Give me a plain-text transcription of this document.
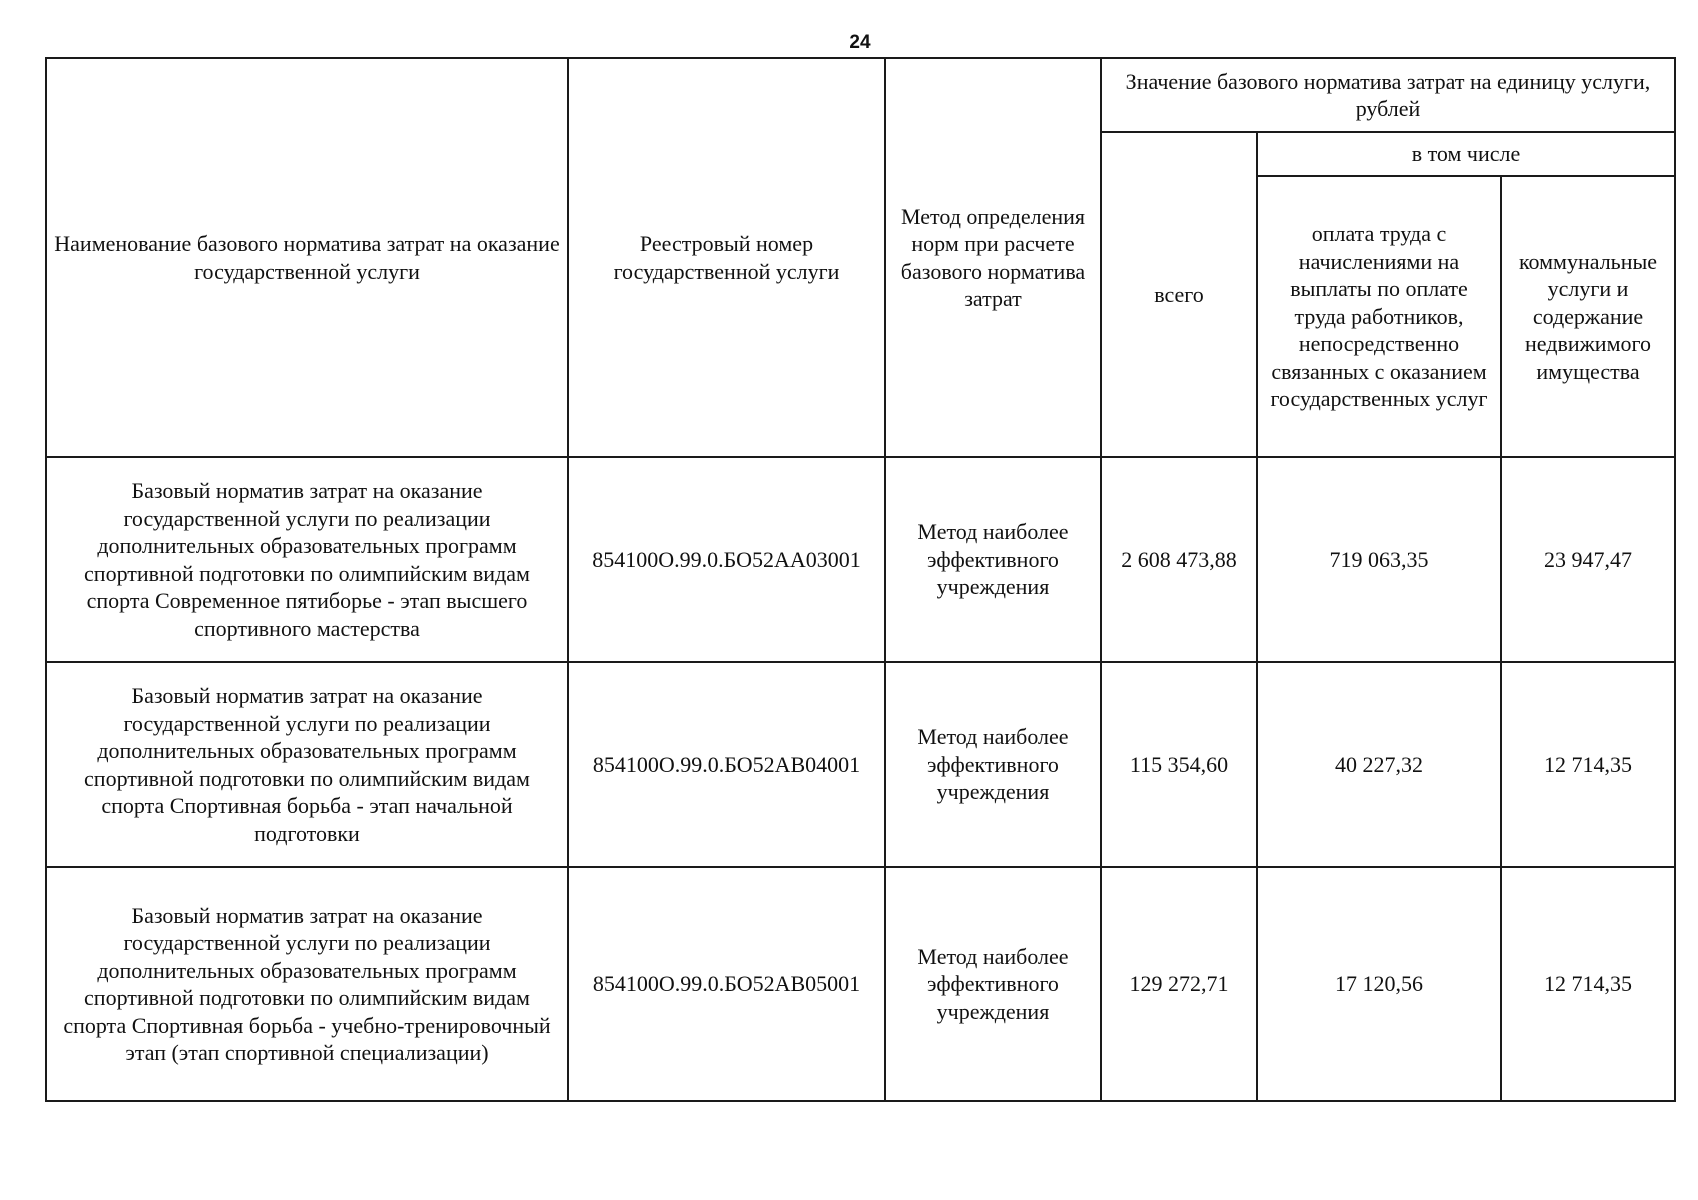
24
Наименование базового норматива затрат на оказание государственной услуги	Реестровый номер государственной услуги	Метод определения норм при расчете базового норматива затрат	Значение базового норматива затрат на единицу услуги, рублей		
			всего	в том числе	
				оплата труда с начислениями на выплаты по оплате труда работников, непосредственно связанных с оказанием государственных услуг	коммунальные услуги и содержание недвижимого имущества
Базовый норматив затрат на оказание государственной услуги по реализации дополнительных образовательных программ спортивной подготовки по олимпийским видам спорта Современное пятиборье - этап высшего спортивного мастерства	854100О.99.0.БО52АА03001	Метод наиболее эффективного учреждения	2 608 473,88	719 063,35	23 947,47
Базовый норматив затрат на оказание государственной услуги по реализации дополнительных образовательных программ спортивной подготовки по олимпийским видам спорта Спортивная борьба - этап начальной подготовки	854100О.99.0.БО52АВ04001	Метод наиболее эффективного учреждения	115 354,60	40 227,32	12 714,35
Базовый норматив затрат на оказание государственной услуги по реализации дополнительных образовательных программ спортивной подготовки по олимпийским видам спорта Спортивная борьба - учебно-тренировочный этап (этап спортивной специализации)	854100О.99.0.БО52АВ05001	Метод наиболее эффективного учреждения	129 272,71	17 120,56	12 714,35
